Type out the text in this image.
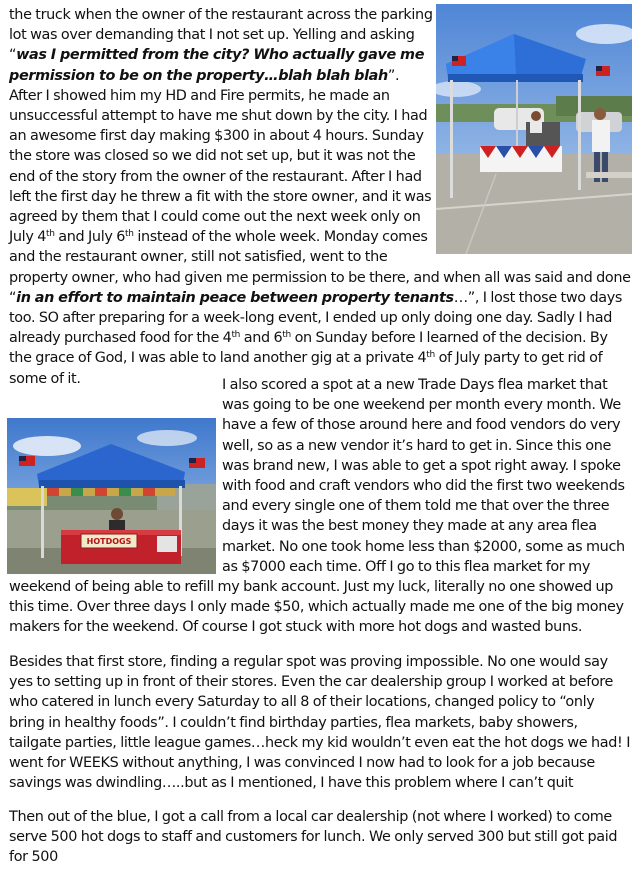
HOTDOGS

the truck when the owner of the restaurant across the parking lot was over demanding that I not set up. Yelling and asking “was I permitted from the city? Who actually gave me permission to be on the property…blah blah blah”. After I showed him my HD and Fire permits, he made an unsuccessful attempt to have me shut down by the city. I had an awesome first day making $300 in about 4 hours. Sunday the store was closed so we did not set up, but it was not the end of the story from the owner of the restaurant. After I had left the first day he threw a fit with the store owner, and it was agreed by them that I could come out the next week only on July 4th and July 6th instead of the whole week. Monday comes and the restaurant owner, still not satisfied, went to the property owner, who had given me permission to be there, and when all was said and done “in an effort to maintain peace between property tenants…”, I lost those two days too. SO after preparing for a week-long event, I ended up only doing one day. Sadly I had already purchased food for the 4th and 6th on Sunday before I learned of the decision. By the grace of God, I was able to land another gig at a private 4th of July party to get rid of some of it.	I also scored a spot at a new Trade Days flea market that was going to be one weekend per month every month. We have a few of those around here and food vendors do very well, so as a new vendor it’s hard to get in. Since this one was brand new, I was able to get a spot right away. I spoke with food and craft vendors who did the first two weekends and every single one of them told me that over the three days it was the best money they made at any area flea market. No one took home less than $2000, some as much as $7000 each time. Off I go to this flea market for my weekend of being able to refill my bank account. Just my luck, literally no one showed up this time. Over three days I only made $50, which actually made me one of the big money makers for the weekend. Of course I got stuck with more hot dogs and wasted buns.

Besides that first store, finding a regular spot was proving impossible. No one would say yes to setting up in front of their stores. Even the car dealership group I worked at before who catered in lunch every Saturday to all 8 of their locations, changed policy to “only bring in healthy foods”. I couldn’t find birthday parties, flea markets, baby showers, tailgate parties, little league games…heck my kid wouldn’t even eat the hot dogs we had! I went for WEEKS without anything, I was convinced I now had to look for a job because savings was dwindling…..but as I mentioned, I have this problem where I can’t quit

Then out of the blue, I got a call from a local car dealership (not where I worked) to come serve 500 hot dogs to staff and customers for lunch. We only served 300 but still got paid for 500
